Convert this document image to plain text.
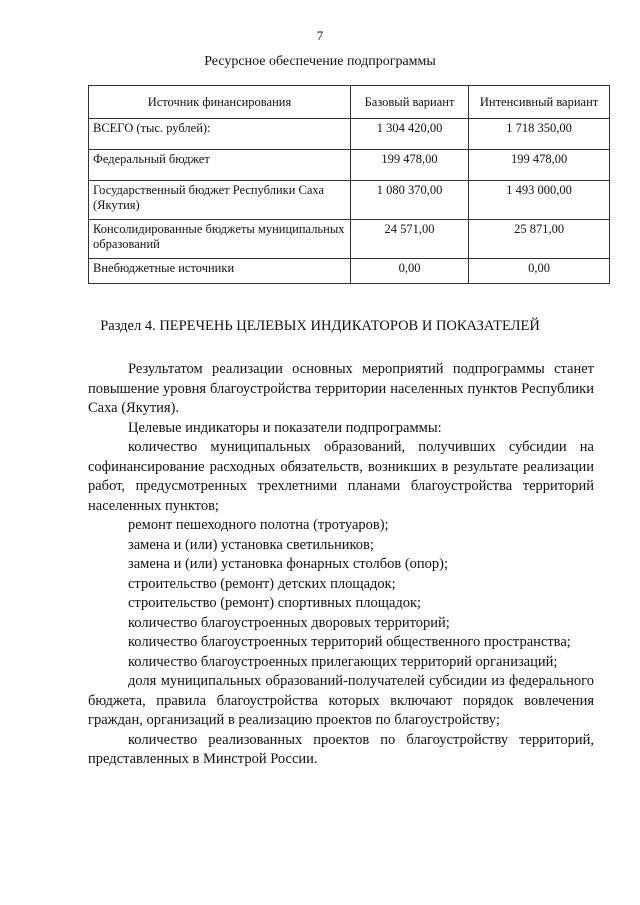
7
Ресурсное обеспечение подпрограммы
Источник финансирования	Базовый вариант	Интенсивный вариант
ВСЕГО (тыс. рублей):	1 304 420,00	1 718 350,00
Федеральный бюджет	199 478,00	199 478,00
Государственный бюджет Республики Саха (Якутия)	1 080 370,00	1 493 000,00
Консолидированные бюджеты муниципальных образований	24 571,00	25 871,00
Внебюджетные источники	0,00	0,00
Раздел 4. ПЕРЕЧЕНЬ ЦЕЛЕВЫХ ИНДИКАТОРОВ И ПОКАЗАТЕЛЕЙ

Результатом реализации основных мероприятий подпрограммы станет повышение уровня благоустройства территории населенных пунктов Республики Саха (Якутия).

Целевые индикаторы и показатели подпрограммы:

количество муниципальных образований, получивших субсидии на софинансирование расходных обязательств, возникших в результате реализации работ, предусмотренных трехлетними планами благоустройства территорий населенных пунктов;

ремонт пешеходного полотна (тротуаров);

замена и (или) установка светильников;

замена и (или) установка фонарных столбов (опор);

строительство (ремонт) детских площадок;

строительство (ремонт) спортивных площадок;

количество благоустроенных дворовых территорий;

количество благоустроенных территорий общественного пространства;

количество благоустроенных прилегающих территорий организаций;

доля муниципальных образований-получателей субсидии из федерального бюджета, правила благоустройства которых включают порядок вовлечения граждан, организаций в реализацию проектов по благоустройству;

количество реализованных проектов по благоустройству территорий, представленных в Минстрой России.
